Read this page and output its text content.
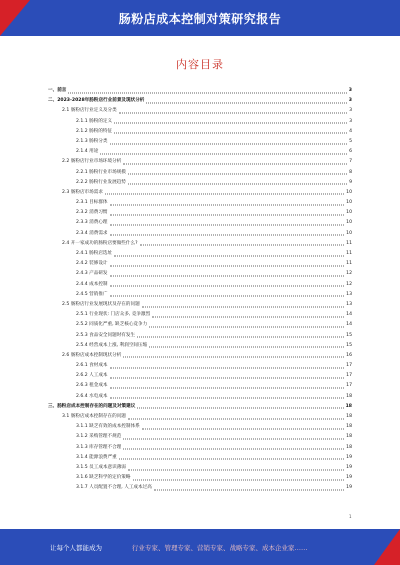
肠粉店成本控制对策研究报告
内容目录
一、前言	3
二、2023-2028年肠粉店行业前景及现状分析	3
2.1 肠粉店行业定义及分类	3
2.1.1 肠粉的定义	3
2.1.2 肠粉的特征	4
2.1.3 肠粉分类	5
2.1.4 用途	6
2.2 肠粉店行业市场环境分析	7
2.2.1 肠粉行业市场规模	8
2.2.2 肠粉行业发展趋势	9
2.3 肠粉店市场需求	10
2.3.1 目标群体	10
2.3.2 消费习惯	10
2.3.3 消费心理	10
2.3.4 消费需求	10
2.4 开一家成功的肠粉店要做些什么?	11
2.4.1 肠粉店选址	11
2.4.2 装修设计	11
2.4.3 产品研发	12
2.4.4 成本控制	12
2.4.5 营销推广	13
2.5 肠粉店行业发展现状及存在的问题	13
2.5.1 行业现状: 门店众多, 竞争激烈	14
2.5.2 同质化严重, 缺乏核心竞争力	14
2.5.3 食品安全问题时有发生	15
2.5.4 经营成本上涨, 利润空间压缩	15
2.6 肠粉店成本控制现状分析	16
2.6.1 食材成本	17
2.6.2 人工成本	17
2.6.3 租金成本	17
2.6.4 水电成本	18
三、肠粉店成本控制存在的问题及对策建议	18
3.1 肠粉店成本控制存在的问题	18
3.1.1 缺乏有效的成本控制体系	18
3.1.2 采购管理不规范	18
3.1.3 库存管理不合理	18
3.1.4 能源浪费严重	19
3.1.5 员工成本意识薄弱	19
3.1.6 缺乏科学的定价策略	19
3.1.7 人员配置不合理, 人工成本过高	19
1
让每个人都能成为	行业专家、管理专家、营销专家、战略专家、成本企业家……
